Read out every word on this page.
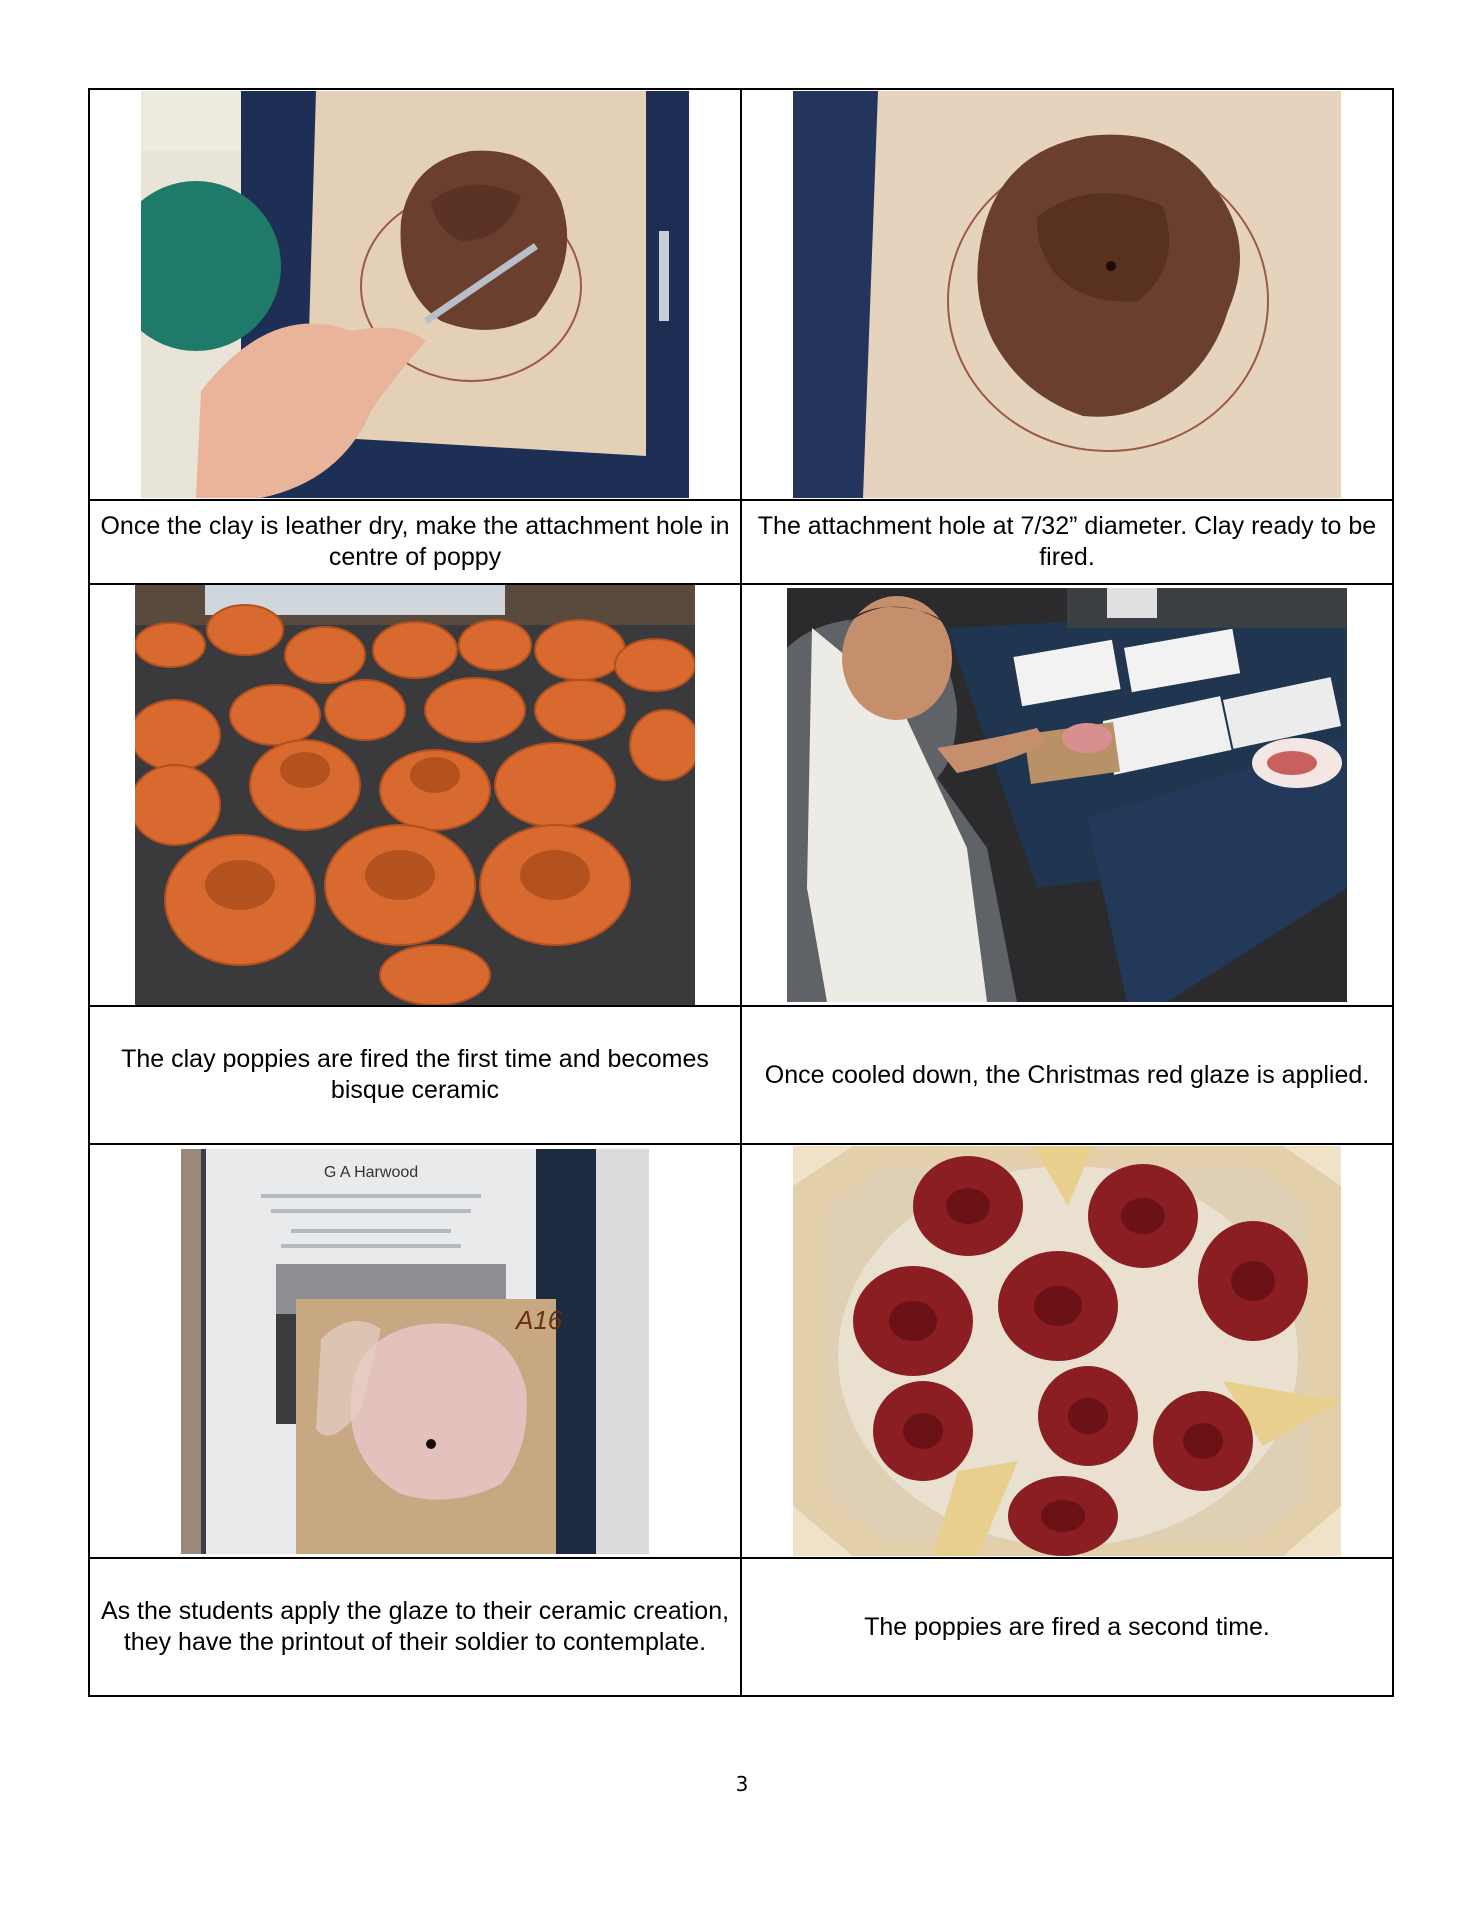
Once the clay is leather dry, make the attachment hole in centre of poppy	The attachment hole at 7/32” diameter. Clay ready to be fired.

The clay poppies are fired the first time and becomes bisque ceramic	Once cooled down, the Christmas red glaze is applied.

G A Harwood
A16

As the students apply the glaze to their ceramic creation, they have the printout of their soldier to contemplate.	The poppies are fired a second time.
3
